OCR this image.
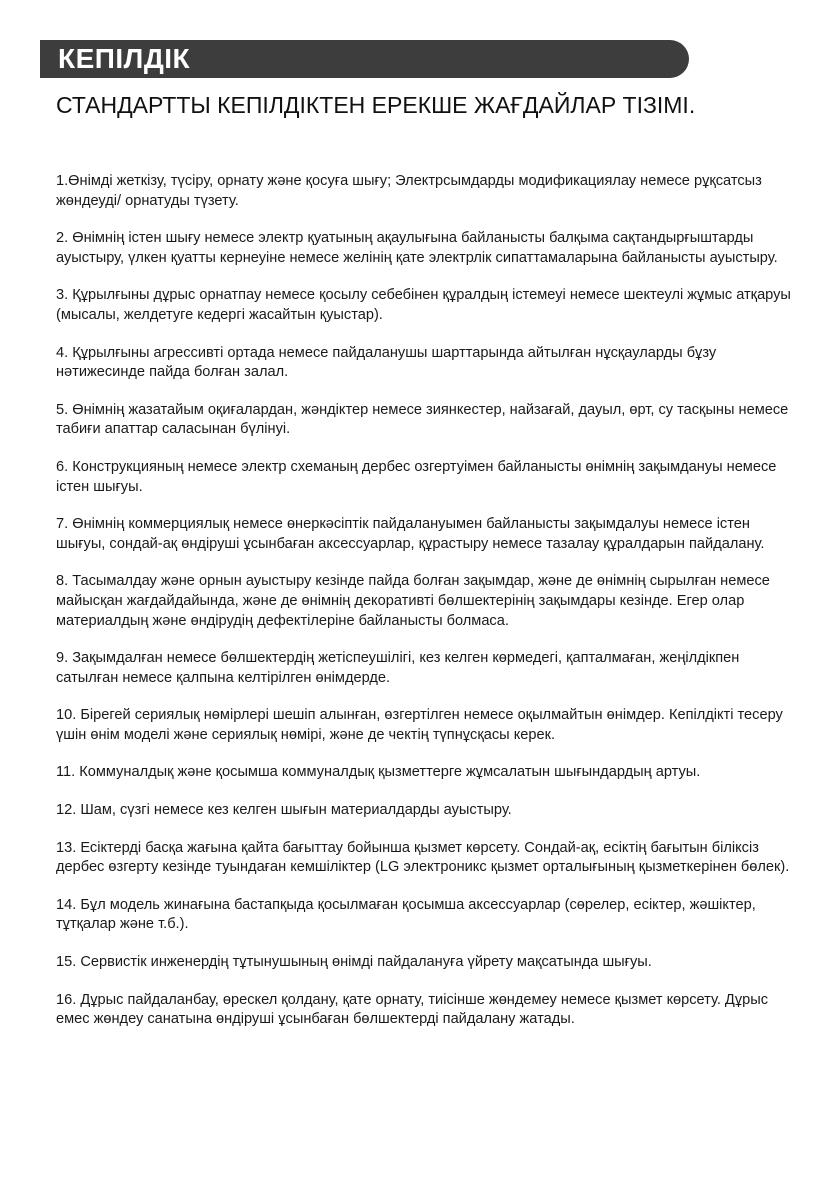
КЕПІЛДІК
СТАНДАРТТЫ КЕПІЛДІКТЕН ЕРЕКШЕ ЖАҒДАЙЛАР ТІЗІМІ.
1.Өнімді жеткізу, түсіру, орнату және қосуға шығу; Электрсымдарды модификациялау немесе рұқсатсыз жөндеуді/ орнатуды түзету.
2. Өнімнің істен шығу немесе электр қуатының ақаулығына байланысты балқыма сақтандырғыштарды ауыстыру, үлкен қуатты кернеуіне немесе желінің қате электрлік сипаттамаларына байланысты ауыстыру.
3. Құрылғыны дұрыс орнатпау немесе қосылу себебінен құралдың істемеуі немесе шектеулі жұмыс атқаруы (мысалы, желдетуге кедергі жасайтын қуыстар).
4. Құрылғыны агрессивті ортада немесе пайдаланушы шарттарында айтылған нұсқауларды бұзу нәтижесинде пайда болған залал.
5. Өнімнің жазатайым оқиғалардан, жәндіктер немесе зиянкестер, найзағай, дауыл, өрт, су тасқыны немесе табиғи апаттар саласынан бүлінуі.
6. Конструкцияның немесе электр схеманың дербес озгертуімен байланысты өнімнің зақымдануы немесе істен шығуы.
7. Өнімнің коммерциялық немесе өнеркәсіптік пайдалануымен байланысты зақымдалуы немесе істен шығуы, сондай-ақ өндіруші ұсынбаған аксессуарлар, құрастыру немесе тазалау құралдарын пайдалану.
8. Тасымалдау және орнын ауыстыру кезінде пайда болған зақымдар, және де өнімнің сырылған немесе майысқан жағдайдайында, және де өнімнің декоративті бөлшектерінің зақымдары кезінде. Егер олар материалдың және өндірудің дефектілеріне байланысты болмаса.
9. Зақымдалған немесе бөлшектердің жетіспеушілігі, кез келген көрмедегі, қапталмаған, жеңілдікпен сатылған немесе қалпына келтірілген өнімдерде.
10. Бірегей сериялық нөмірлері шешіп алынған, өзгертілген немесе оқылмайтын өнімдер. Кепілдікті тесеру үшін өнім моделі және сериялық нөмірі, және де чектің түпнұсқасы керек.
11. Коммуналдық және қосымша коммуналдық қызметтерге жұмсалатын шығындардың артуы.
12. Шам, сүзгі немесе кез келген шығын материалдарды ауыстыру.
13. Есіктерді басқа жағына қайта бағыттау бойынша қызмет көрсету. Сондай-ақ, есіктің бағытын біліксіз дербес өзгерту кезінде туындаған кемшіліктер (LG электроникс қызмет орталығының қызметкерінен бөлек).
14. Бұл модель жинағына бастапқыда қосылмаған қосымша аксессуарлар (сөрелер, есіктер, жәшіктер, тұтқалар және т.б.).
15. Сервистік инженердің тұтынушының өнімді пайдалануға үйрету мақсатында шығуы.
16. Дұрыс пайдаланбау, өрескел қолдану, қате орнату, тиісінше жөндемеу немесе қызмет көрсету. Дұрыс емес жөндеу санатына өндіруші ұсынбаған бөлшектерді пайдалану жатады.
